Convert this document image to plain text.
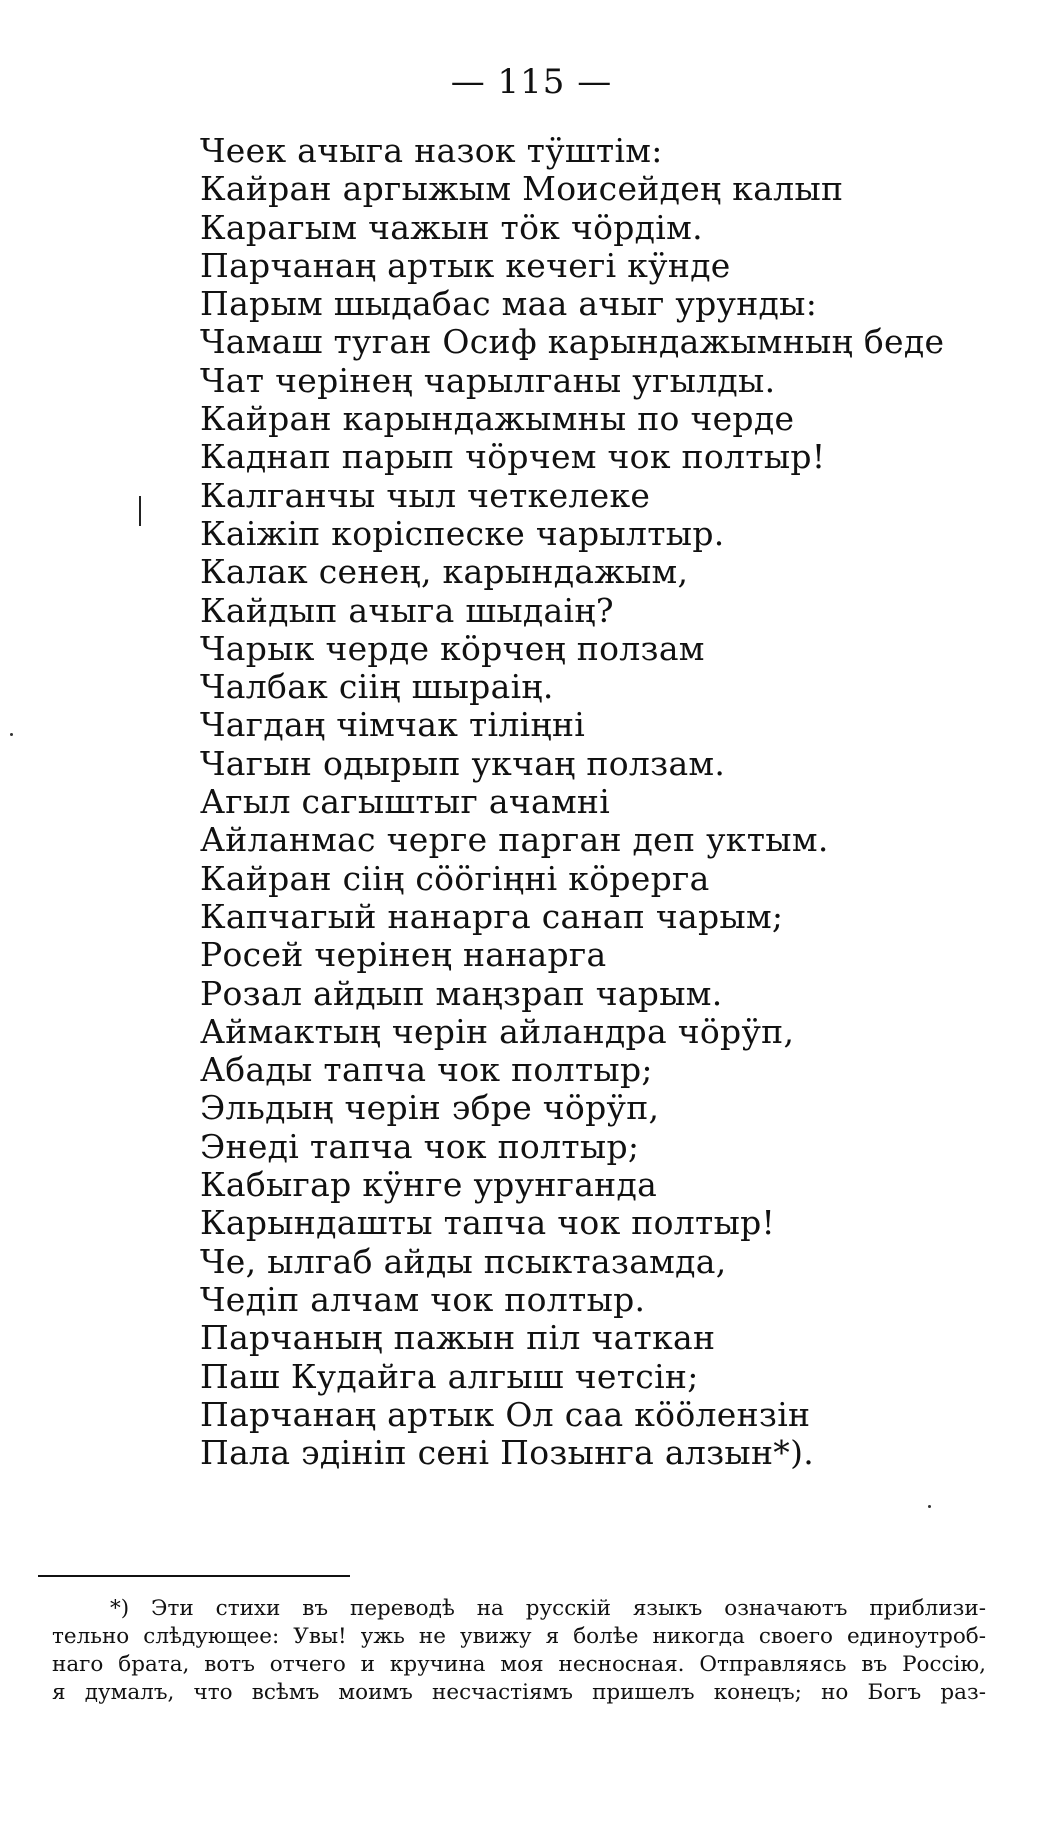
— 115 —
Чеек ачыга назок тӱштім:
Кайран аргыжым Моисейдең калып
Карагым чажын тӧк чӧрдім.
Парчанаң артык кечегі кӱнде
Парым шыдабас маа ачыг урунды:
Чамаш туган Осиф карындажымның беде
Чат черінең чарылганы угылды.
Кайран карындажымны по черде
Каднап парып чӧрчем чок полтыр!
Калганчы чыл четкелеке
Каіжіп коріспеске чарылтыр.
Калак сенең, карындажым,
Кайдып ачыга шыдаің?
Чарык черде кӧрчең ползам
Чалбак сіің шыраің.
Чагдаң чімчак тіліңні
Чагын одырып укчаң ползам.
Агыл сагыштыг ачамні
Айланмас черге парган деп уктым.
Кайран сіің сӧӧгіңні кӧрерга
Капчагый нанарга санап чарым;
Росей черінең нанарга
Розал айдып маңзрап чарым.
Аймактың черін айландра чӧрӱп,
Абады тапча чок полтыр;
Эльдың черін эбре чӧрӱп,
Энеді тапча чок полтыр;
Кабыгар кӱнге урунганда
Карындашты тапча чок полтыр!
Че, ылгаб айды псыктазамда,
Чедіп алчам чок полтыр.
Парчаның пажын піл чаткан
Паш Кудайга алгыш четсін;
Парчанаң артык Ол саа кӧӧлензін
Пала эдініп сені Позынга алзын*).
*) Эти стихи въ переводѣ на русскій языкъ означаютъ приблизи-
тельно слѣдующее: Увы! ужь не увижу я болѣе никогда своего единоутроб-
наго брата, вотъ отчего и кручина моя несносная. Отправляясь въ Россію,
я думалъ, что всѣмъ моимъ несчастіямъ пришелъ конецъ; но Богъ раз-
